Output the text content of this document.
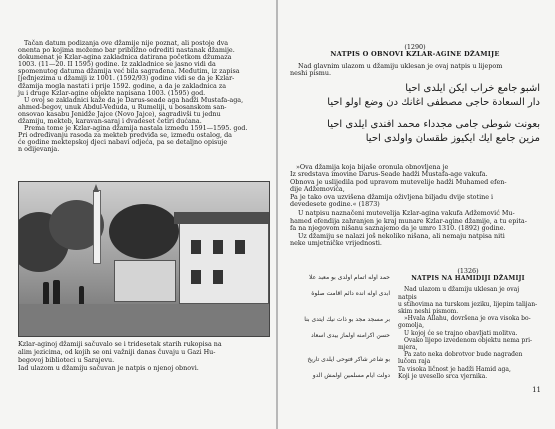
Tačan datum podizanja ove džamije nije poznat, ali postoje dva
onenta po kojima možemo bar približno odrediti nastanak džamije.
dokumenat je Kzlar-agina zakladnica datirana početkom džumaza
1003. (11—20. II 1595) godine. Iz zakladnice se jasno vidi da
spomenutog datuma džamija već bila sagrađena. Međutim, iz zapisa
[jeđnjezima u džamiji iz 1001. (1592/93) godine vidi se da je Kzlar-
đžamija moglа nastati i prije 1592. godine, a da je zakladnica za
ju i druge Kzlar-agine objekte napisana 1003. (1595) god.

U ovoj se zakladnici kaže da je Darus-seade aga hadži Mustafa-aga,
ahmed-begov, unuk Abdul-Veduda, u Rumeliji, u bosanskom san-
onsovao kasabu Jenidže Jajce (Novo Jajce), sagradivši tu jednu
džamiju, mekteb, karavan-saraj i dvadeset četiri dućana.

Prema tome je Kzlar-agina džamija nastala između 1591—1595. god.
Pri određivanju rasoda za mekteb predviđa se, između ostalog, da
će godine mektepskoj djeci nabavi odjeća, pa se detaljno opisuje
n odijevanja.

Kzlar-aginoj džamiji sačuvalo se i tridesetak starih rukopisa na
alim jezicima, od kojih se oni važniji danas čuvaju u Gazi Hu-
begovoj biblioteci u Sarajevu.
Iad ulazom u džamiju sačuvan je natpis o njenoj obnovi.

(1290)

NATPIS O OBNOVI KZLAR-AGINE DŽAMIJE

Nad glavnim ulazom u džamiju uklesan je ovaj natpis u lijepom
neshi pismu.

اشبو جامع خراب ايكن ايلدى احيا
دار السعادة حاجى مصطفى اغانك دن وضع اولو احيا
بعونت شوطى جامى مجدداء محمد افندى ايلدى احيا
مزين جامع ايك ايكيوز طقسان واولدى احيا

»Ova džamija koja bijaše oronula obnovljena je
Iz sredstava imovine Darus-Seade hadži Mustafa-age vakufa.
Obnova je uslijedila pod upravom mutevelije hadži Muhamed efen-
dije Adžemovića,
Pa je tako ova uzvišena džamija oživljena biljadu dvije stotine i
devedesete godine.« (1873)

U natpisu naznačeni mutevelija Kzlar-agina vakufa Adžemović Mu-
hamed efendija zahranjen je kraj munare Kzlar-agine džamije, a tu epita-
fa na njegovom nišanu saznajemo da je umro 1310. (1892) godine.

Uz džamiju se nalazi još nekoliko nišana, ali nemaju natpisa niti
neke umjetničke vrijednosti.

(1326)

NATPIS NA HAMIDIJI DŽAMIJI

Nad ulazom u džamiju uklesan je ovaj natpis
u stihovima na turskom jeziku, lijepim talijan-
skim neshi pismom.

»Hvala Allahu, dovršena je ova visoka bo-
gomolja,

U kojoj će se trajno obavljati molitva.

Ovako lijepo izvedenom objektu nema pri-
mjera,

Pa zato neka dobrotvor bude nagrađen
lučom raja

Ta visoka ličnost je hadži Hamid aga,
Koji je uvesello srca vjernika.

حمد اوله اتمام اولدى بو معبد علا
ابدى اوله انده دائم اقامت صلوة
بر مسجد مجد بو ذات نيك ايتدى بنا
حسن اكرامنه اولماز بيدى اسعاد
بو شاعر شاكر فتوحى ايلدى تاريخ
دولت ايام مسلمين اولمش الدو
11
